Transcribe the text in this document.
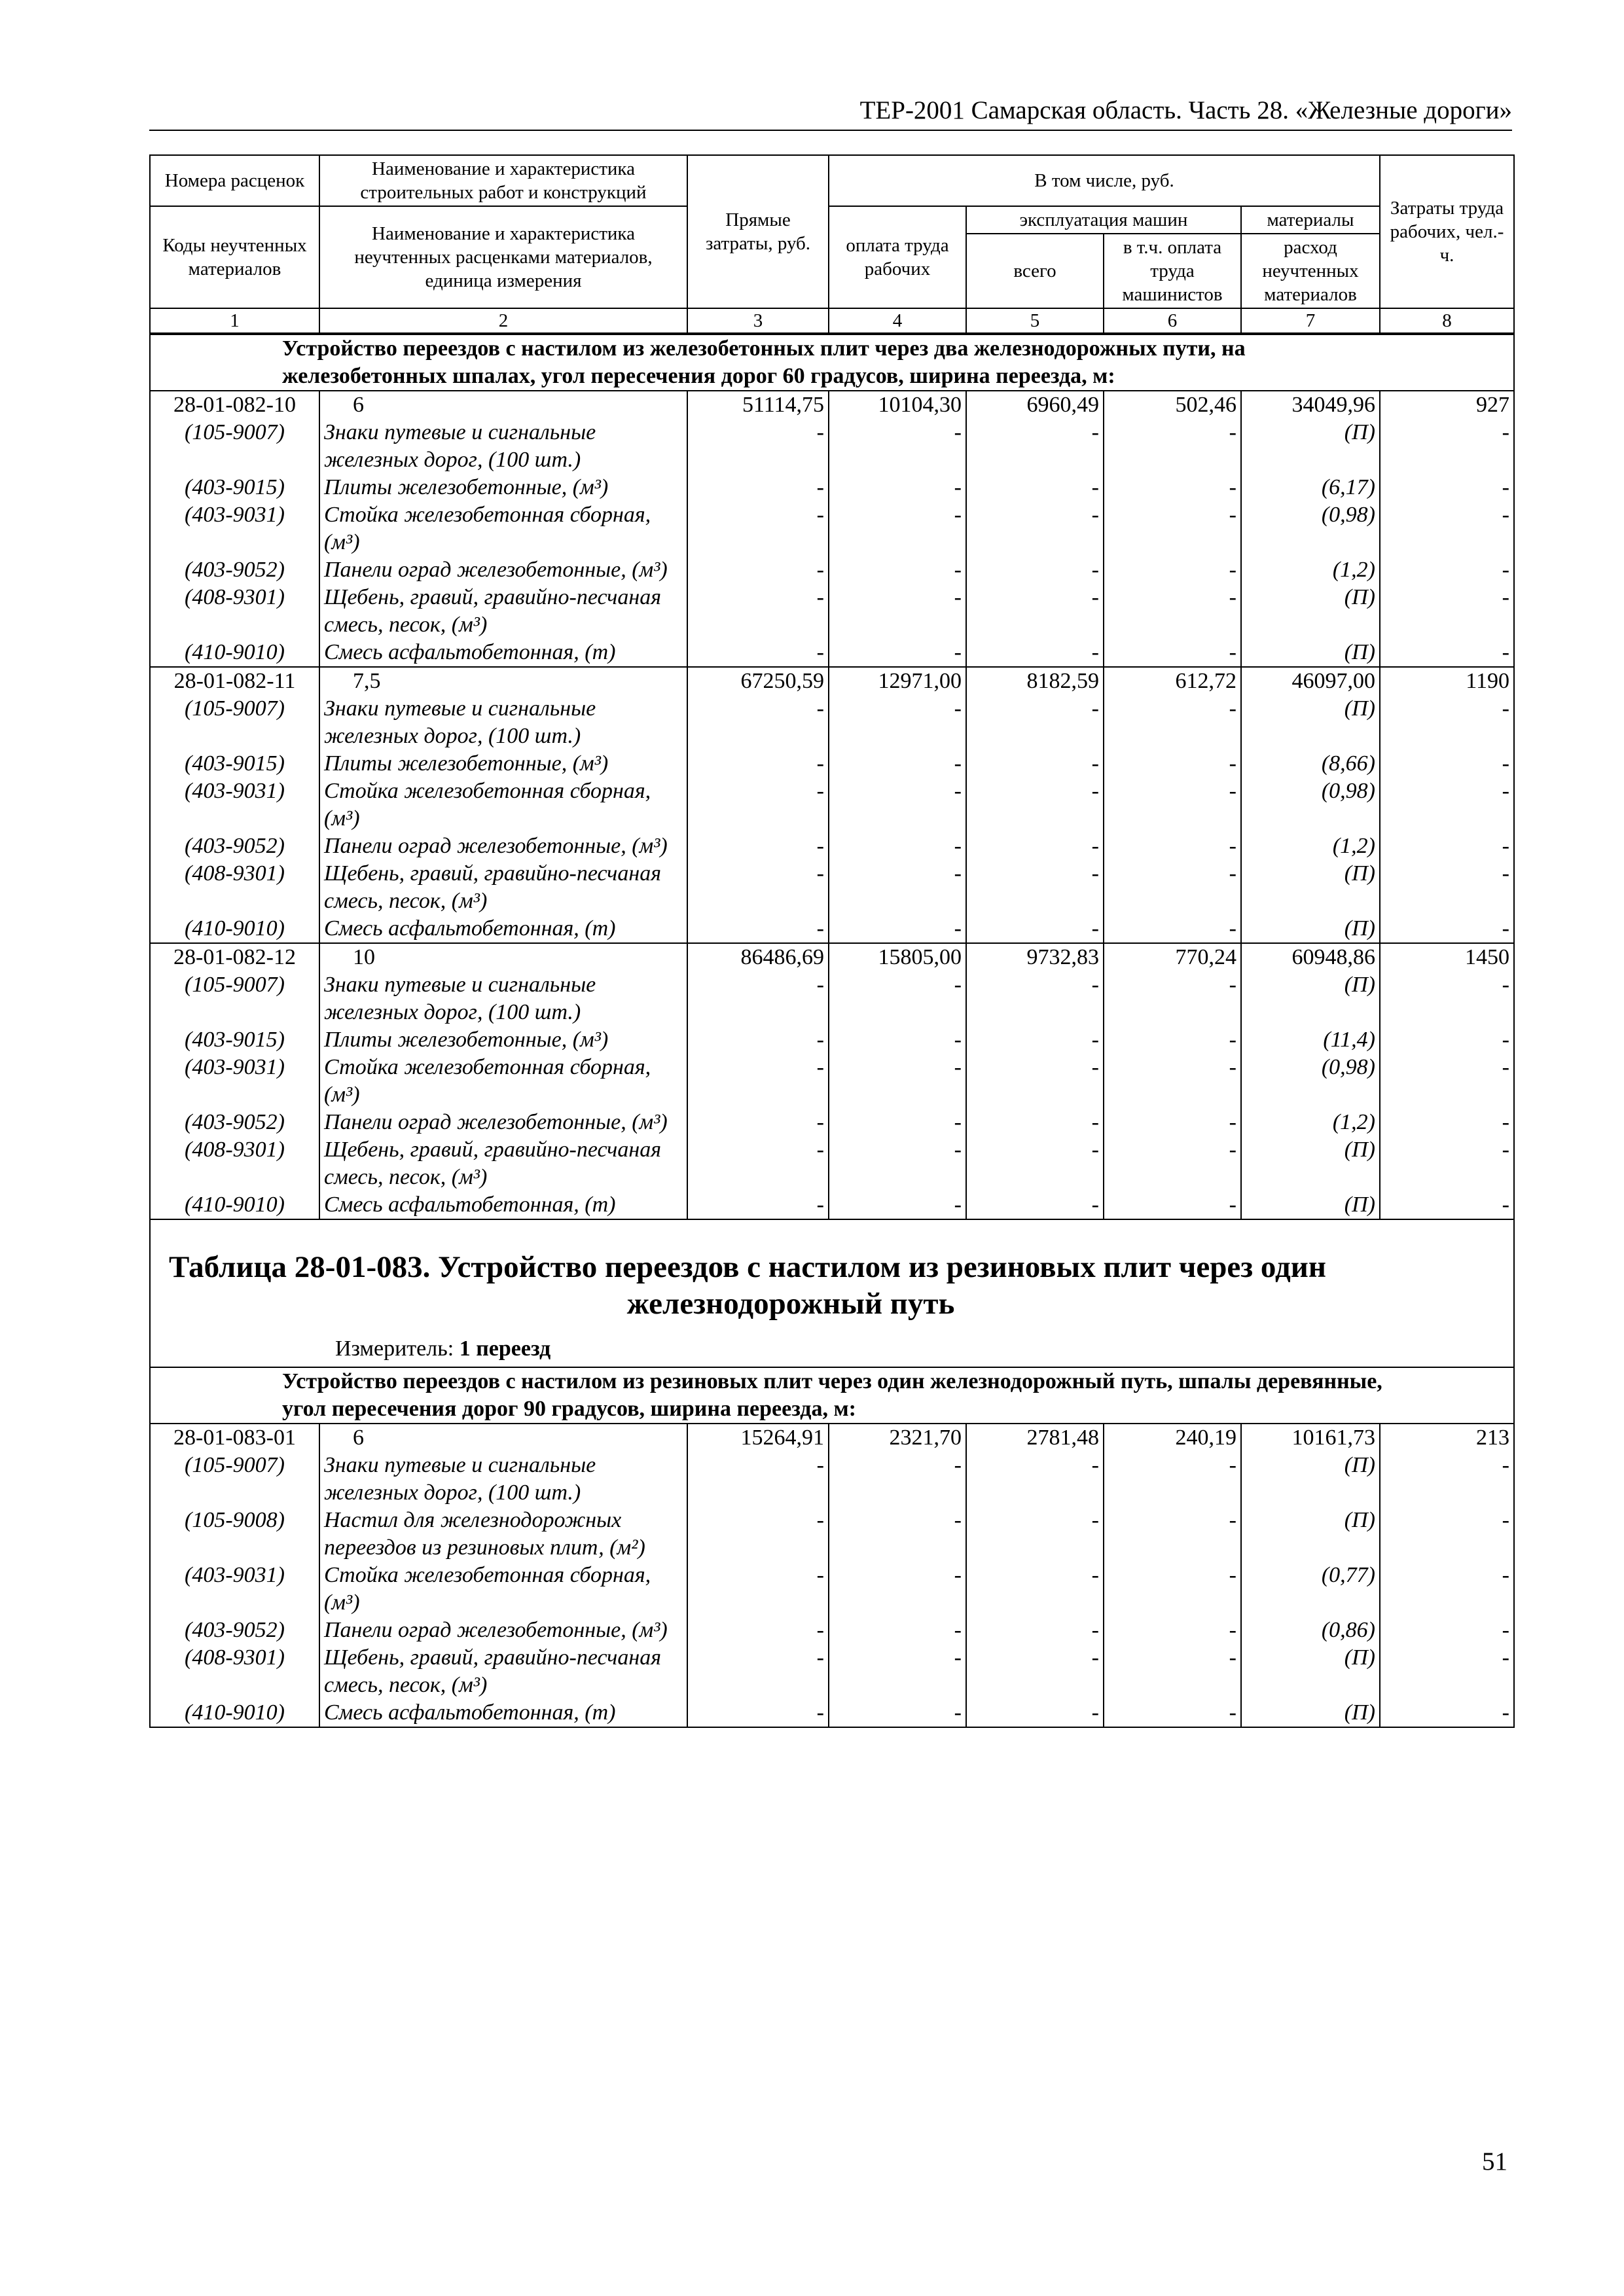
ТЕР-2001 Самарская область. Часть 28. «Железные дороги»
Номера расценок	Наименование и характеристика строительных работ и конструкций	Прямые затраты, руб.	В том числе, руб.				Затраты труда рабочих, чел.-ч.
Коды неучтенных материалов	Наименование и характеристика неучтенных расценками материалов, единица измерения		оплата труда рабочих	эксплуатация машин		материалы	
				всего	в т.ч. оплата труда машинистов	расход неучтенных материалов	
1	2	3	4	5	6	7	8
Устройство переездов с настилом из железобетонных плит через два железнодорожных пути, на железобетонных шпалах, угол пересечения дорог 60 градусов, ширина переезда, м:							
28-01-082-10	6	51114,75	10104,30	6960,49	502,46	34049,96	927
(105-9007)	Знаки путевые и сигнальные железных дорог, (100 шт.)	-	-	-	-	(П)	-
(403-9015)	Плиты железобетонные, (м³)	-	-	-	-	(6,17)	-
(403-9031)	Стойка железобетонная сборная, (м³)	-	-	-	-	(0,98)	-
(403-9052)	Панели оград железобетонные, (м³)	-	-	-	-	(1,2)	-
(408-9301)	Щебень, гравий, гравийно-песчаная смесь, песок, (м³)	-	-	-	-	(П)	-
(410-9010)	Смесь асфальтобетонная, (т)	-	-	-	-	(П)	-
28-01-082-11	7,5	67250,59	12971,00	8182,59	612,72	46097,00	1190
(105-9007)	Знаки путевые и сигнальные железных дорог, (100 шт.)	-	-	-	-	(П)	-
(403-9015)	Плиты железобетонные, (м³)	-	-	-	-	(8,66)	-
(403-9031)	Стойка железобетонная сборная, (м³)	-	-	-	-	(0,98)	-
(403-9052)	Панели оград железобетонные, (м³)	-	-	-	-	(1,2)	-
(408-9301)	Щебень, гравий, гравийно-песчаная смесь, песок, (м³)	-	-	-	-	(П)	-
(410-9010)	Смесь асфальтобетонная, (т)	-	-	-	-	(П)	-
28-01-082-12	10	86486,69	15805,00	9732,83	770,24	60948,86	1450
(105-9007)	Знаки путевые и сигнальные железных дорог, (100 шт.)	-	-	-	-	(П)	-
(403-9015)	Плиты железобетонные, (м³)	-	-	-	-	(11,4)	-
(403-9031)	Стойка железобетонная сборная, (м³)	-	-	-	-	(0,98)	-
(403-9052)	Панели оград железобетонные, (м³)	-	-	-	-	(1,2)	-
(408-9301)	Щебень, гравий, гравийно-песчаная смесь, песок, (м³)	-	-	-	-	(П)	-
(410-9010)	Смесь асфальтобетонная, (т)	-	-	-	-	(П)	-
Таблица 28-01-083. Устройство переездов с настилом из резиновых плит через один
железнодорожный путь
Измеритель: 1 переезд
Устройство переездов с настилом из резиновых плит через один железнодорожный путь, шпалы деревянные, угол пересечения дорог 90 градусов, ширина переезда, м:							
28-01-083-01	6	15264,91	2321,70	2781,48	240,19	10161,73	213
(105-9007)	Знаки путевые и сигнальные железных дорог, (100 шт.)	-	-	-	-	(П)	-
(105-9008)	Настил для железнодорожных переездов из резиновых плит, (м²)	-	-	-	-	(П)	-
(403-9031)	Стойка железобетонная сборная, (м³)	-	-	-	-	(0,77)	-
(403-9052)	Панели оград железобетонные, (м³)	-	-	-	-	(0,86)	-
(408-9301)	Щебень, гравий, гравийно-песчаная смесь, песок, (м³)	-	-	-	-	(П)	-
(410-9010)	Смесь асфальтобетонная, (т)	-	-	-	-	(П)	-
51
